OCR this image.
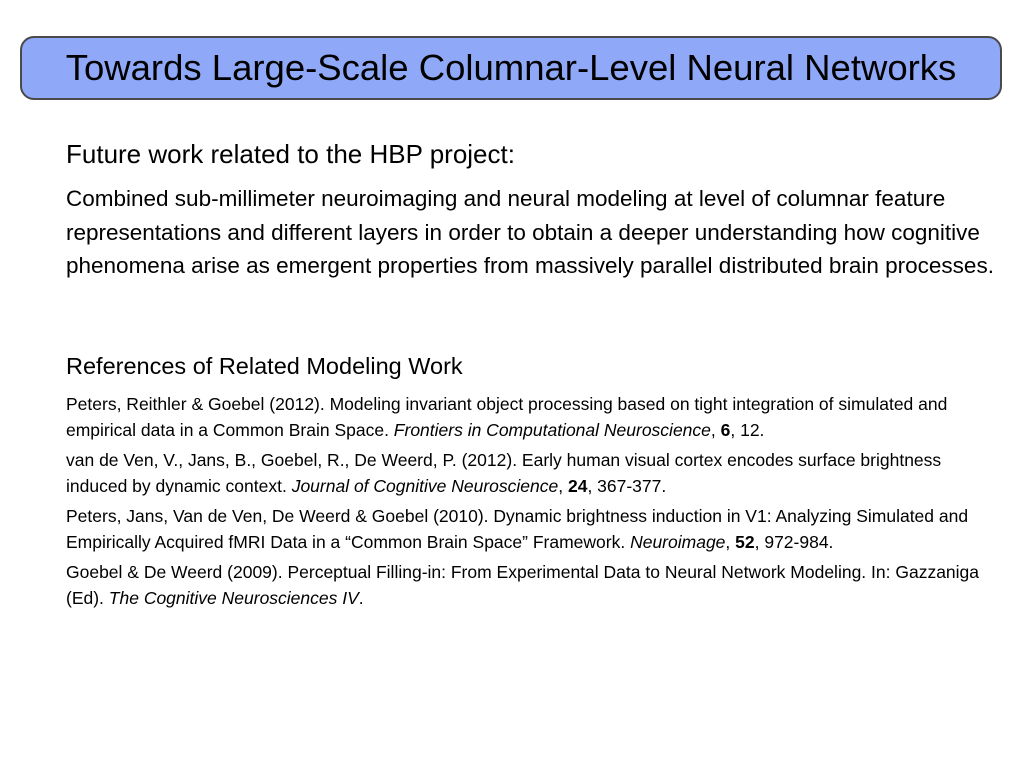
Towards Large-Scale Columnar-Level Neural Networks

Future work related to the HBP project:

Combined sub-millimeter neuroimaging and neural modeling at level of columnar feature representations and different layers in order to obtain a deeper understanding how cognitive phenomena arise as emergent properties from massively parallel distributed brain processes.

References of Related Modeling Work

Peters, Reithler & Goebel (2012). Modeling invariant object processing based on tight integration of simulated and empirical data in a Common Brain Space. Frontiers in Computational Neuroscience, 6, 12.
van de Ven, V., Jans, B., Goebel, R., De Weerd, P. (2012). Early human visual cortex encodes surface brightness induced by dynamic context. Journal of Cognitive Neuroscience, 24, 367-377.
Peters, Jans, Van de Ven, De Weerd & Goebel (2010). Dynamic brightness induction in V1: Analyzing Simulated and Empirically Acquired fMRI Data in a “Common Brain Space” Framework. Neuroimage, 52, 972-984.
Goebel & De Weerd (2009). Perceptual Filling-in: From Experimental Data to Neural Network Modeling. In: Gazzaniga (Ed). The Cognitive Neurosciences IV.
